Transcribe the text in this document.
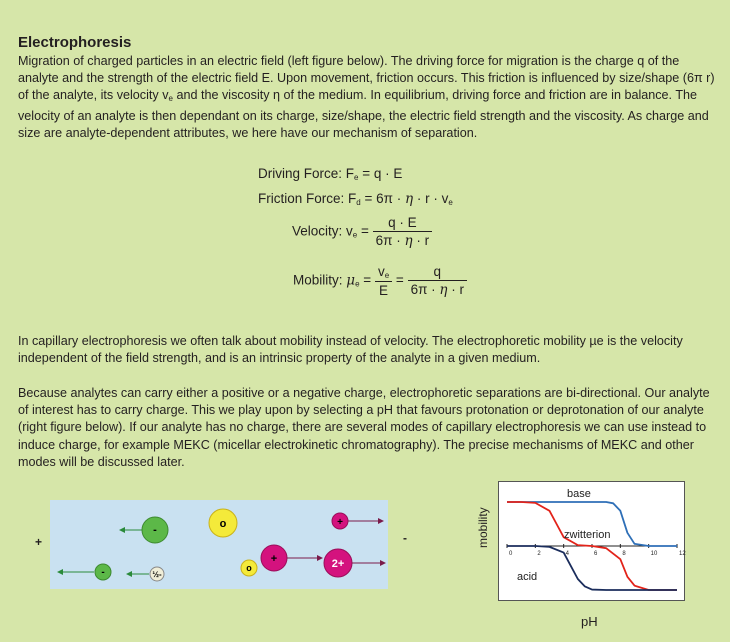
Electrophoresis

Migration of charged particles in an electric field (left figure below). The driving force for migration is the charge q of the analyte and the strength of the electric field E. Upon movement, friction occurs. This friction is influenced by size/shape (6π r) of the analyte, its velocity $v_e$ and the viscosity η of the medium. In equilibrium, driving force and friction are in balance. The velocity of an analyte is then dependant on its charge, size/shape, the electric field strength and the viscosity. As charge and size are analyte-dependent attributes, we here have our mechanism of separation.

Driving Force: $F_e = q \cdot E$
Friction Force: $F_d = 6\pi \cdot \eta \cdot r \cdot v_e$
Velocity: $v_e = \frac{q \cdot E}{6\pi \cdot \eta \cdot r}$
Mobility: $\mu_e = \frac{v_e}{E} = \frac{q}{6\pi \cdot \eta \cdot r}$

In capillary electrophoresis we often talk about mobility instead of velocity. The electrophoretic mobility µe is the velocity independent of the field strength, and is an intrinsic property of the analyte in a given medium.

Because analytes can carry either a positive or a negative charge, electrophoretic separations are bi-directional. Our analyte of interest has to carry charge. This we play upon by selecting a pH that favours protonation or deprotonation of our analyte (right figure below). If our analyte has no charge, there are several modes of capillary electrophoresis we can use instead to induce charge, for example MEKC (micellar electrokinetic chromatography). The precise mechanisms of MEKC and other modes will be discussed later.

+	-
-	o	+
-	½-
o
+	2+
0	2	4	6	8	10	12
base
zwitterion
acid
mobility
pH
